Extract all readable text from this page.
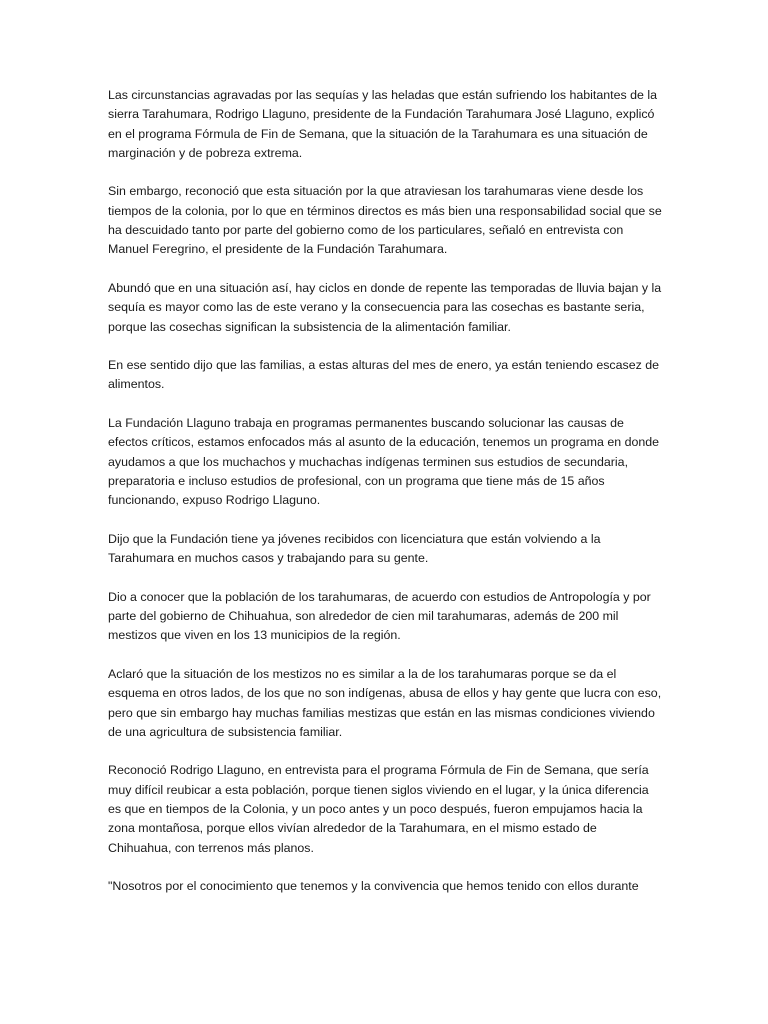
Las circunstancias agravadas por las sequías y las heladas que están sufriendo los habitantes de la sierra Tarahumara, Rodrigo Llaguno, presidente de la Fundación Tarahumara José Llaguno, explicó en el programa Fórmula de Fin de Semana, que la situación de la Tarahumara es una situación de marginación y de pobreza extrema.

Sin embargo, reconoció que esta situación por la que atraviesan los tarahumaras viene desde los tiempos de la colonia, por lo que en términos directos es más bien una responsabilidad social que se ha descuidado tanto por parte del gobierno como de los particulares, señaló en entrevista con Manuel Feregrino, el presidente de la Fundación Tarahumara.

Abundó que en una situación así, hay ciclos en donde de repente las temporadas de lluvia bajan y la sequía es mayor como las de este verano y la consecuencia para las cosechas es bastante seria, porque las cosechas significan la subsistencia de la alimentación familiar.

En ese sentido dijo que las familias, a estas alturas del mes de enero, ya están teniendo escasez de alimentos.

La Fundación Llaguno trabaja en programas permanentes buscando solucionar las causas de efectos críticos, estamos enfocados más al asunto de la educación, tenemos un programa en donde ayudamos a que los muchachos y muchachas indígenas terminen sus estudios de secundaria, preparatoria e incluso estudios de profesional, con un programa que tiene más de 15 años funcionando, expuso Rodrigo Llaguno.

Dijo que la Fundación tiene ya jóvenes recibidos con licenciatura que están volviendo a la Tarahumara en muchos casos y trabajando para su gente.

Dio a conocer que la población de los tarahumaras, de acuerdo con estudios de Antropología y por parte del gobierno de Chihuahua, son alrededor de cien mil tarahumaras, además de 200 mil mestizos que viven en los 13 municipios de la región.

Aclaró que la situación de los mestizos no es similar a la de los tarahumaras porque se da el esquema en otros lados, de los que no son indígenas, abusa de ellos y hay gente que lucra con eso, pero que sin embargo hay muchas familias mestizas que están en las mismas condiciones viviendo de una agricultura de subsistencia familiar.

Reconoció Rodrigo Llaguno, en entrevista para el programa Fórmula de Fin de Semana, que sería muy difícil reubicar a esta población, porque tienen siglos viviendo en el lugar, y la única diferencia es que en tiempos de la Colonia, y un poco antes y un poco después, fueron empujamos hacia la zona montañosa, porque ellos vivían alrededor de la Tarahumara, en el mismo estado de Chihuahua, con terrenos más planos.

"Nosotros por el conocimiento que tenemos y la convivencia que hemos tenido con ellos durante
